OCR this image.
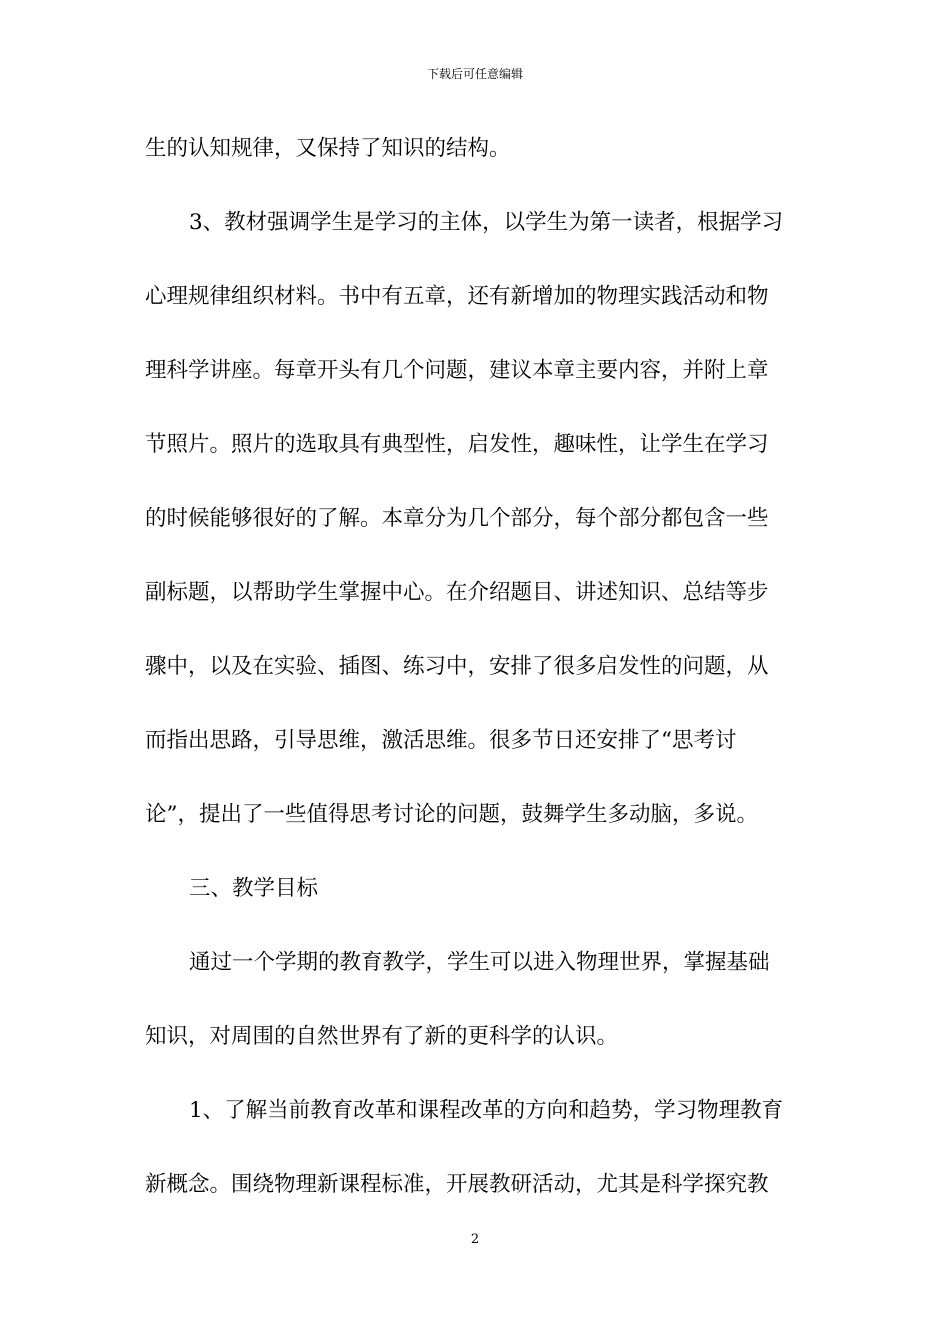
下载后可任意编辑
生的认知规律，又保持了知识的结构。
3、教材强调学生是学习的主体，以学生为第一读者，根据学习
心理规律组织材料。书中有五章，还有新增加的物理实践活动和物
理科学讲座。每章开头有几个问题，建议本章主要内容，并附上章
节照片。照片的选取具有典型性，启发性，趣味性，让学生在学习
的时候能够很好的了解。本章分为几个部分，每个部分都包含一些
副标题，以帮助学生掌握中心。在介绍题目、讲述知识、总结等步
骤中，以及在实验、插图、练习中，安排了很多启发性的问题，从
而指出思路，引导思维，激活思维。很多节日还安排了“思考讨
论”，提出了一些值得思考讨论的问题，鼓舞学生多动脑，多说。
三、教学目标
通过一个学期的教育教学，学生可以进入物理世界，掌握基础
知识，对周围的自然世界有了新的更科学的认识。
1、了解当前教育改革和课程改革的方向和趋势，学习物理教育
新概念。围绕物理新课程标准，开展教研活动，尤其是科学探究教
2
